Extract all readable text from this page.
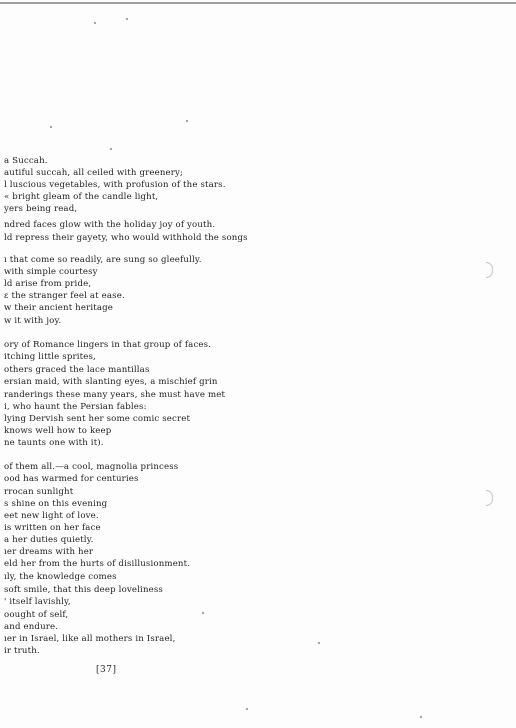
a Succah.

autiful succah, all ceiled with greenery;

l luscious vegetables, with profusion of the stars.

« bright gleam of the candle light,

yers being read,

ndred faces glow with the holiday joy of youth.

ld repress their gayety, who would withhold the songs

ı that come so readily, are sung so gleefully.

with simple courtesy

ld arise from pride,

ε the stranger feel at ease.

w their ancient heritage

w it with joy.

ory of Romance lingers in that group of faces.

itching little sprites,

others graced the lace mantillas

ersian maid, with slanting eyes, a mischief grin

randerings these many years, she must have met

i, who haunt the Persian fables:

lying Dervish sent her some comic secret

knows well how to keep

ne taunts one with it).

of them all.—a cool, magnolia princess

ood has warmed for centuries

rrocan sunlight

s shine on this evening

eet new light of love.

is written on her face

a her duties quietly.

ıer dreams with her

eld her from the hurts of disillusionment.

ıly, the knowledge comes

soft smile, that this deep loveliness

' itself lavishly,

oought of self,

and endure.

ıer in Israel, like all mothers in Israel,

ir truth.

[37]
